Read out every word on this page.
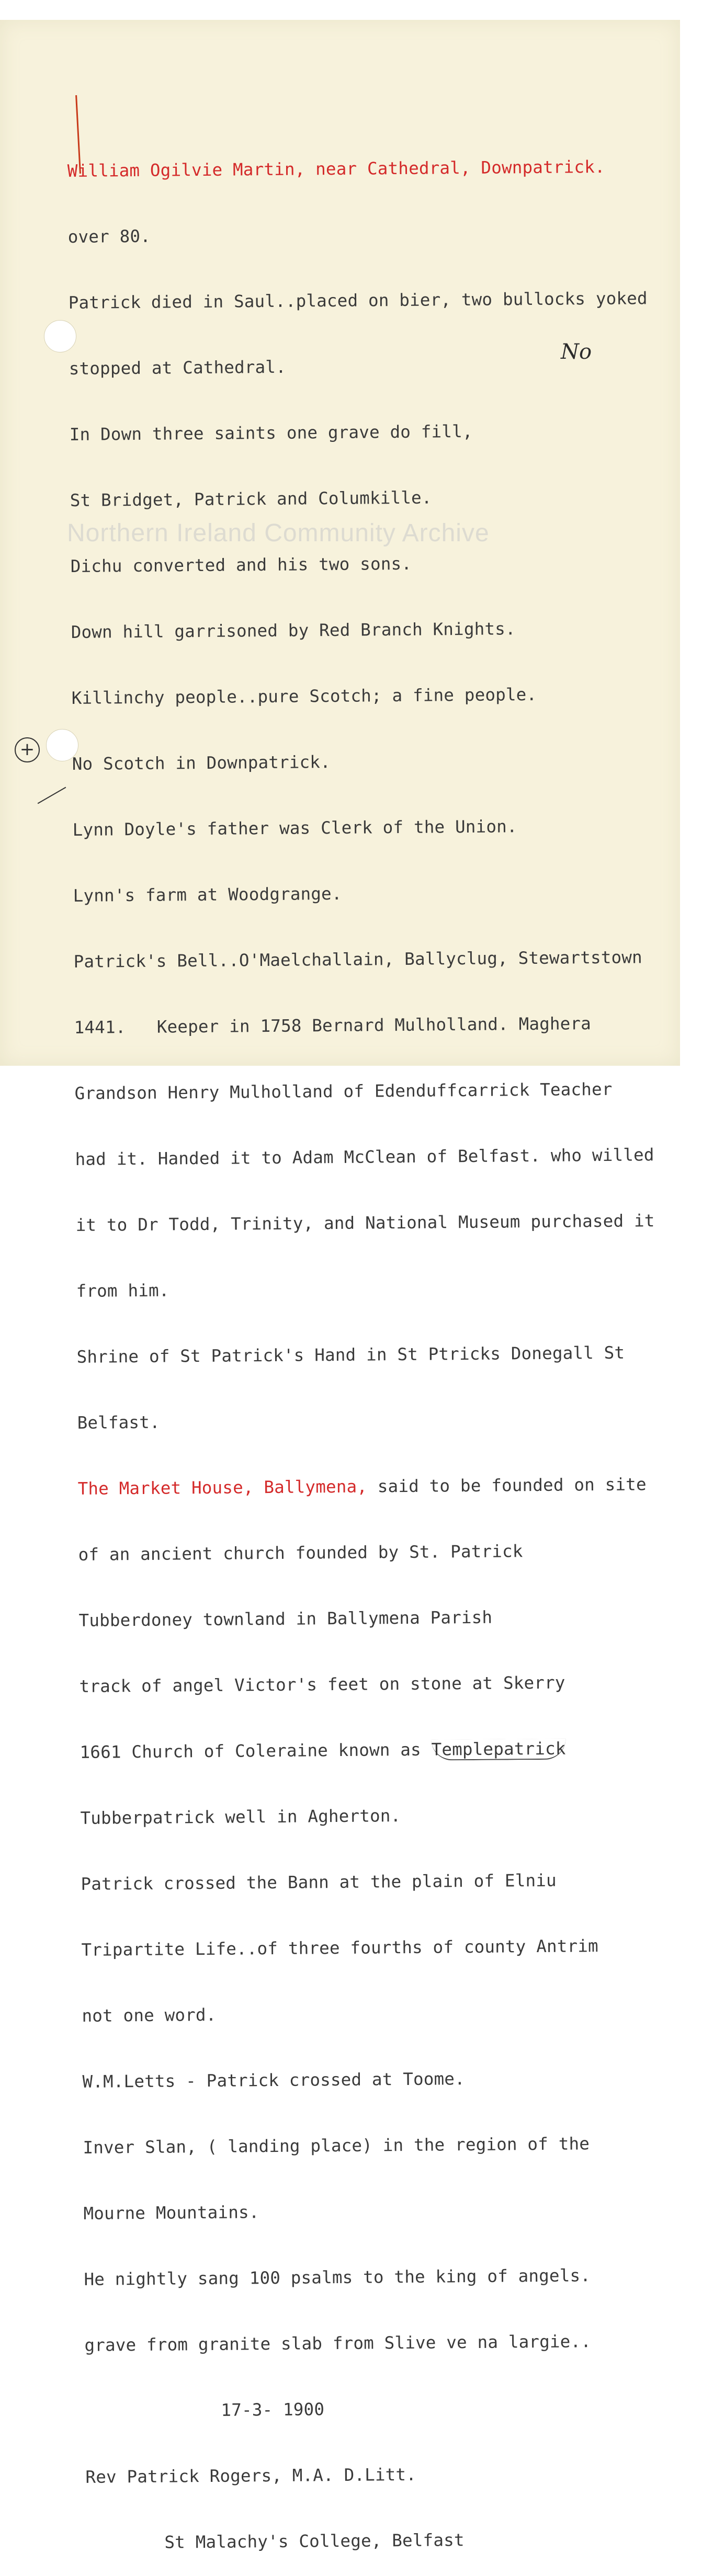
William Ogilvie Martin, near Cathedral, Downpatrick.

over 80.

Patrick died in Saul..placed on bier, two bullocks yoked

stopped at Cathedral.

In Down three saints one grave do fill,

St Bridget, Patrick and Columkille.

Dichu converted and his two sons.

Down hill garrisoned by Red Branch Knights.

Killinchy people..pure Scotch; a fine people.

No Scotch in Downpatrick.

Lynn Doyle's father was Clerk of the Union.

Lynn's farm at Woodgrange.

Patrick's Bell..O'Maelchallain, Ballyclug, Stewartstown

1441.   Keeper in 1758 Bernard Mulholland. Maghera

Grandson Henry Mulholland of Edenduffcarrick Teacher

had it. Handed it to Adam McClean of Belfast. who willed

it to Dr Todd, Trinity, and National Museum purchased it

from him.

Shrine of St Patrick's Hand in St Ptricks Donegall St

Belfast.

The Market House, Ballymena, said to be founded on site

of an ancient church founded by St. Patrick

Tubberdoney townland in Ballymena Parish

track of angel Victor's feet on stone at Skerry

1661 Church of Coleraine known as Templepatrick

Tubberpatrick well in Agherton.

Patrick crossed the Bann at the plain of Elniu

Tripartite Life..of three fourths of county Antrim

not one word.

W.M.Letts - Patrick crossed at Toome.

Inver Slan, ( landing place) in the region of the

Mourne Mountains.

He nightly sang 100 psalms to the king of angels.

grave from granite slab from Slive ve na largie..

17-3- 1900

Rev Patrick Rogers, M.A. D.Litt.

St Malachy's College, Belfast

No
+
Northern Ireland Community Archive
